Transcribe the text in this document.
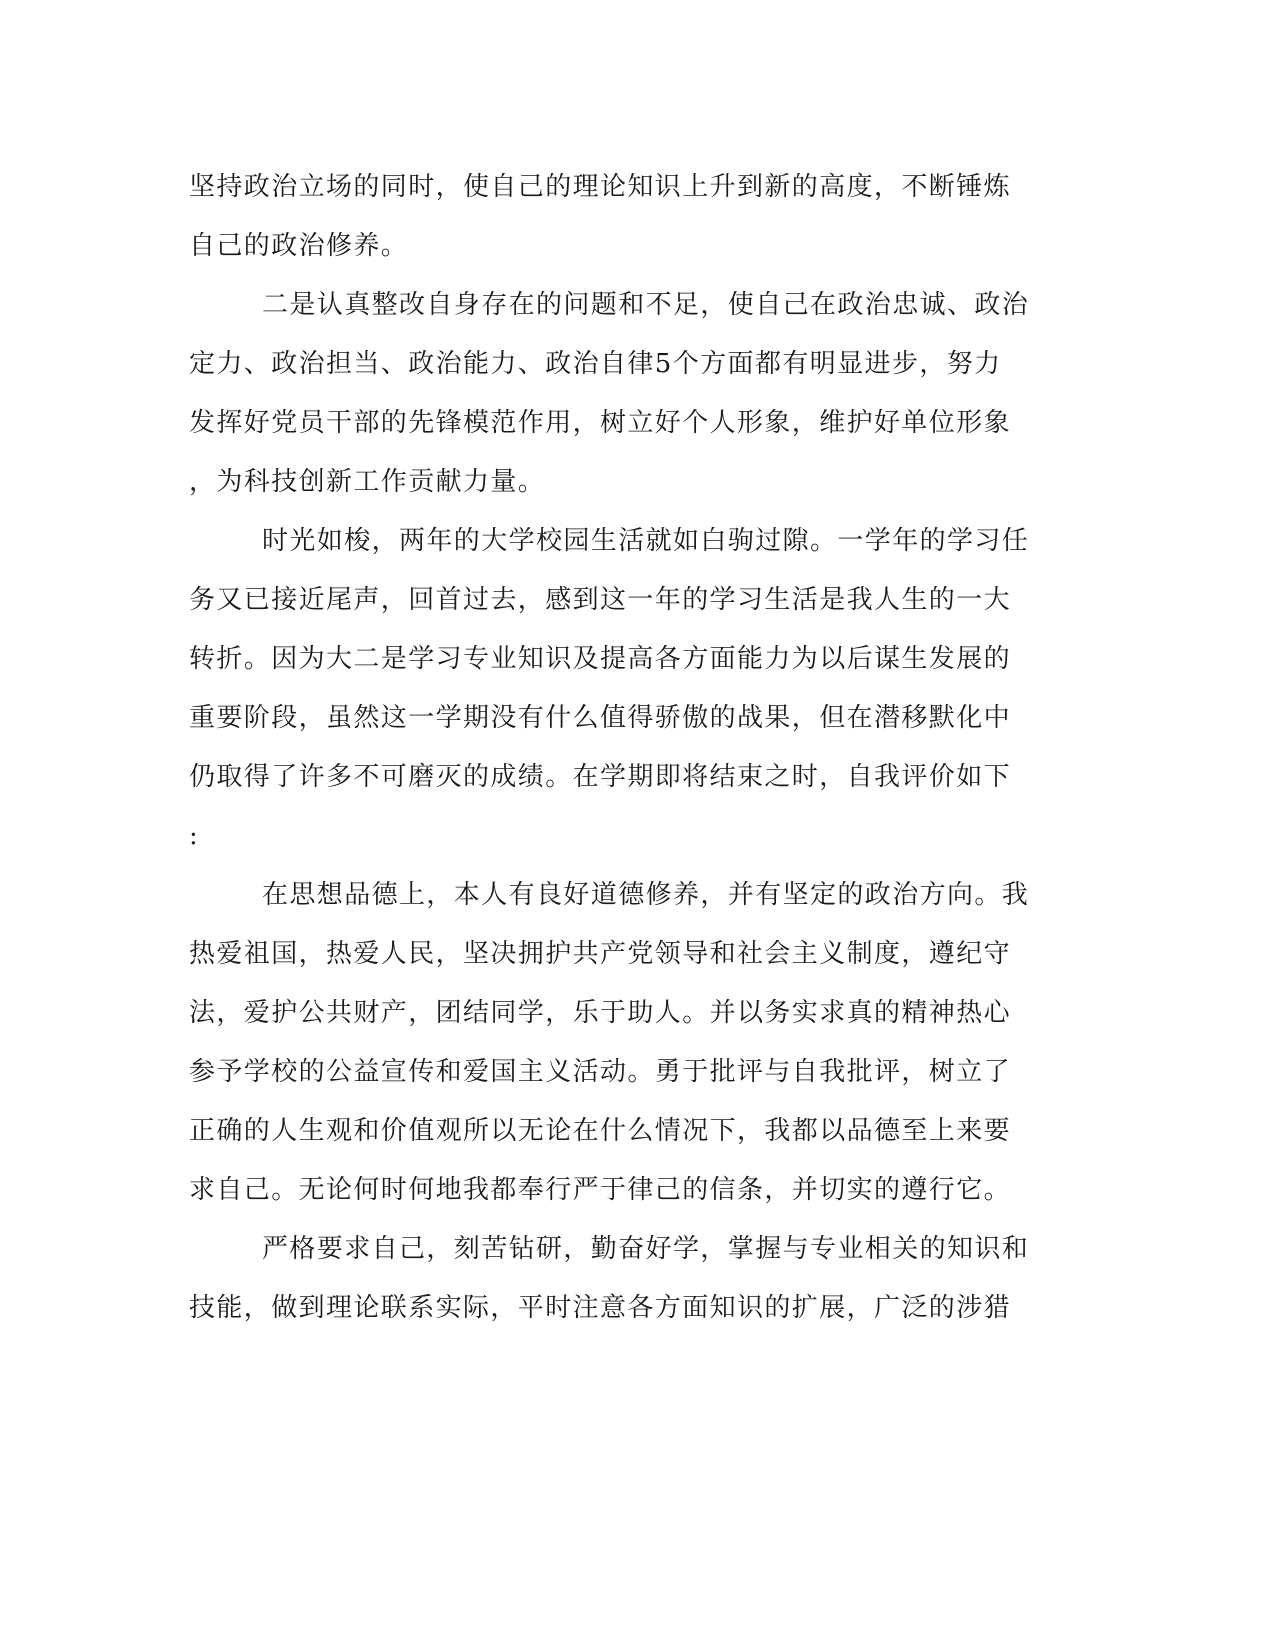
坚持政治立场的同时，使自己的理论知识上升到新的高度，不断锤炼
自己的政治修养。
二是认真整改自身存在的问题和不足，使自己在政治忠诚、政治
定力、政治担当、政治能力、政治自律5个方面都有明显进步，努力
发挥好党员干部的先锋模范作用，树立好个人形象，维护好单位形象
，为科技创新工作贡献力量。
时光如梭，两年的大学校园生活就如白驹过隙。一学年的学习任
务又已接近尾声，回首过去，感到这一年的学习生活是我人生的一大
转折。因为大二是学习专业知识及提高各方面能力为以后谋生发展的
重要阶段，虽然这一学期没有什么值得骄傲的战果，但在潜移默化中
仍取得了许多不可磨灭的成绩。在学期即将结束之时，自我评价如下
:
在思想品德上，本人有良好道德修养，并有坚定的政治方向。我
热爱祖国，热爱人民，坚决拥护共产党领导和社会主义制度，遵纪守
法，爱护公共财产，团结同学，乐于助人。并以务实求真的精神热心
参予学校的公益宣传和爱国主义活动。勇于批评与自我批评，树立了
正确的人生观和价值观所以无论在什么情况下，我都以品德至上来要
求自己。无论何时何地我都奉行严于律己的信条，并切实的遵行它。
严格要求自己，刻苦钻研，勤奋好学，掌握与专业相关的知识和
技能，做到理论联系实际，平时注意各方面知识的扩展，广泛的涉猎
